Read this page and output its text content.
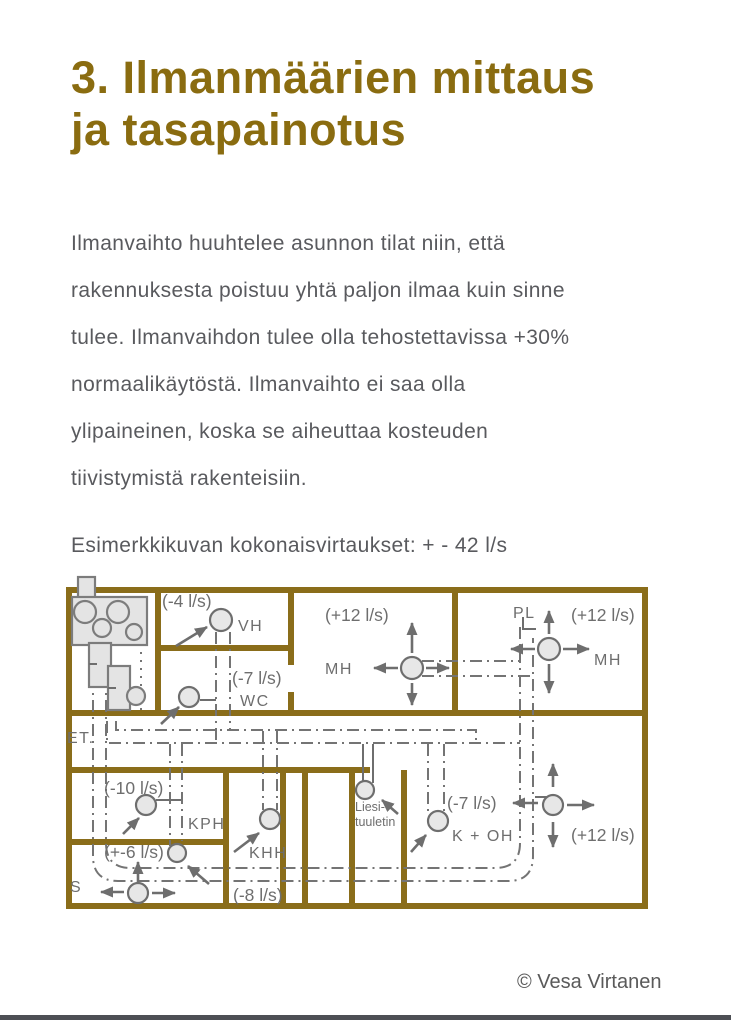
3. Ilmanmäärien mittaus
ja tasapainotus
Ilmanvaihto huuhtelee asunnon tilat niin, että
rakennuksesta poistuu yhtä paljon ilmaa kuin sinne
tulee. Ilmanvaihdon tulee olla tehostettavissa +30%
normaalikäytöstä. Ilmanvaihto ei saa olla
ylipaineinen, koska se aiheuttaa kosteuden
tiivistymistä rakenteisiin.
Esimerkkikuvan kokonaisvirtaukset: + - 42 l/s
(-4 l/s)
VH
(-7 l/s)
WC
(+12 l/s)
MH
PL (+12 l/s)
MH
ET.
(-10 l/s)
KPH
(+-6 l/s)
S
KHH
(-8 l/s)
Liesi-
tuuletin
(-7 l/s)
K + OH	(+12 l/s)
© Vesa Virtanen
